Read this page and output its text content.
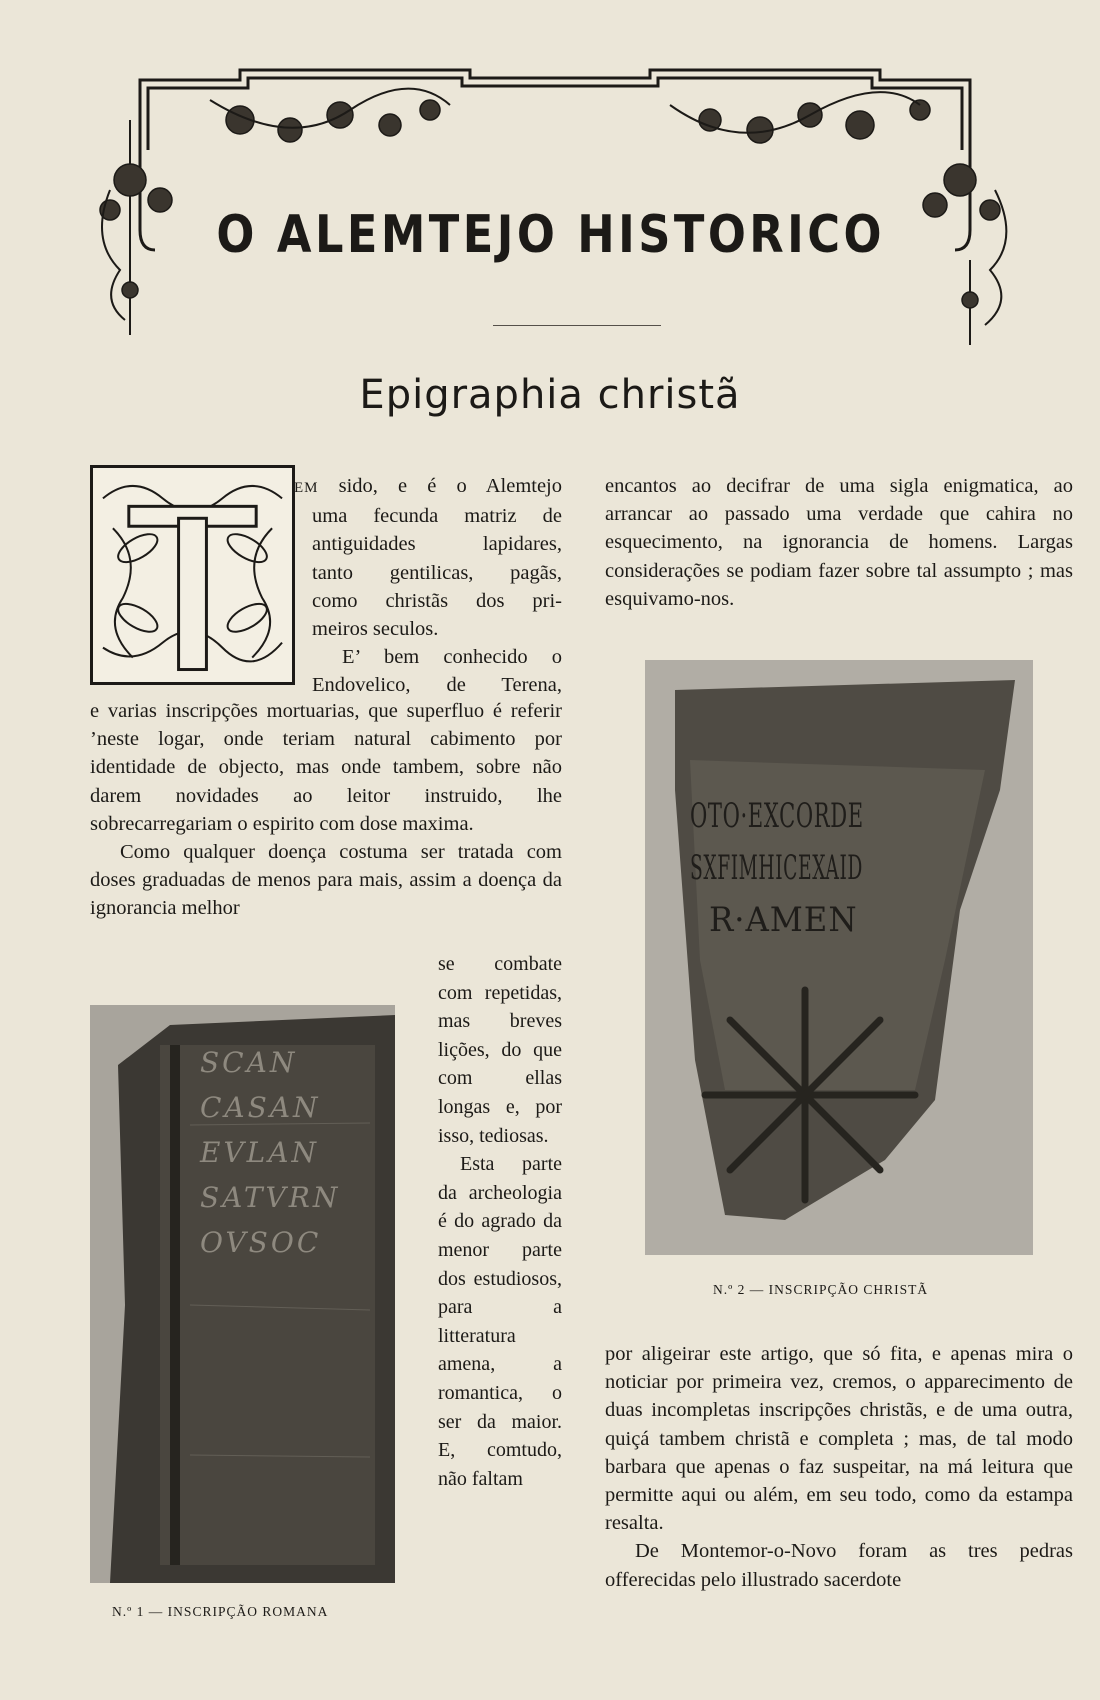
O ALEMTEJO HISTORICO
Epigraphia christã

EM sido, e é o Alemtejo

uma fecunda matriz de

antiguidades lapidares,

tanto gentilicas, pagãs,

como christãs dos pri-

meiros seculos.

E’ bem conhecido o

Endovelico, de Terena,

e varias inscripções mortuarias, que superfluo é referir ’neste logar, onde teriam natural cabimento por identidade de objecto, mas onde tambem, sobre não darem novidades ao leitor instruido, lhe sobrecarregariam o espirito com dose maxima.

Como qualquer doença costuma ser tratada com doses graduadas de menos para mais, assim a doença da ignorancia melhor

se combate com repetidas, mas breves lições, do que com ellas longas e, por isso, tediosas.

Esta parte da archeologia é do agrado da menor parte dos estudiosos, para a litteratura amena, a romantica, o ser da maior. E, comtudo, não faltam

SCAN
CASAN
EVLAN
SATVRN
OVSOC
N.º 1 — INSCRIPÇÃO ROMANA

encantos ao decifrar de uma sigla enigmatica, ao arrancar ao passado uma verdade que cahira no esquecimento, na ignorancia de homens. Largas considerações se podiam fazer sobre tal assumpto ; mas esquivamo-nos.

OTO·EXCORDE
SXFIMHICEXAID
R·AMEN
N.º 2 — INSCRIPÇÃO CHRISTÃ

por aligeirar este artigo, que só fita, e apenas mira o noticiar por primeira vez, cremos, o apparecimento de duas incompletas inscripções christãs, e de uma outra, quiçá tambem christã e completa ; mas, de tal modo barbara que apenas o faz suspeitar, na má leitura que permitte aqui ou além, em seu todo, como da estampa resalta.

De Montemor-o-Novo foram as tres pedras offerecidas pelo illustrado sacerdote
